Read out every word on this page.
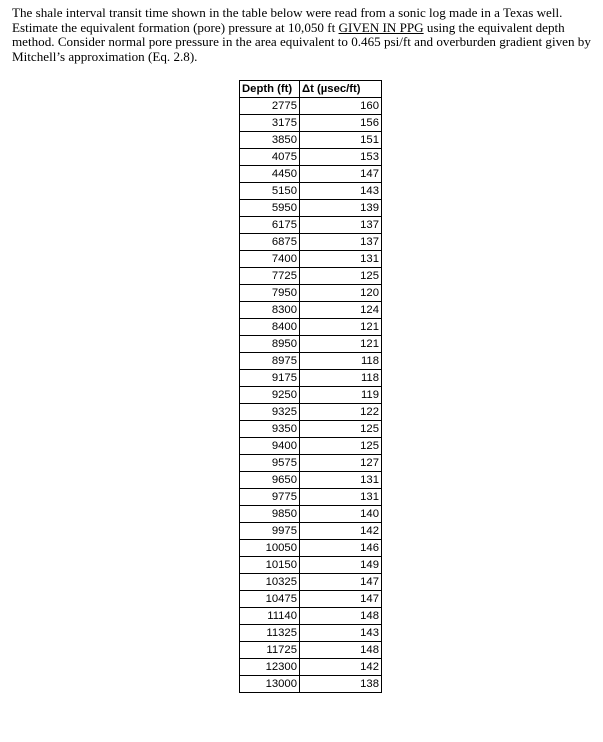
The shale interval transit time shown in the table below were read from a sonic log made in a Texas well. Estimate the equivalent formation (pore) pressure at 10,050 ft GIVEN IN PPG using the equivalent depth method. Consider normal pore pressure in the area equivalent to 0.465 psi/ft and overburden gradient given by Mitchell’s approximation (Eq. 2.8).
Depth (ft)	Δt (µsec/ft)
2775	160
3175	156
3850	151
4075	153
4450	147
5150	143
5950	139
6175	137
6875	137
7400	131
7725	125
7950	120
8300	124
8400	121
8950	121
8975	118
9175	118
9250	119
9325	122
9350	125
9400	125
9575	127
9650	131
9775	131
9850	140
9975	142
10050	146
10150	149
10325	147
10475	147
11140	148
11325	143
11725	148
12300	142
13000	138
